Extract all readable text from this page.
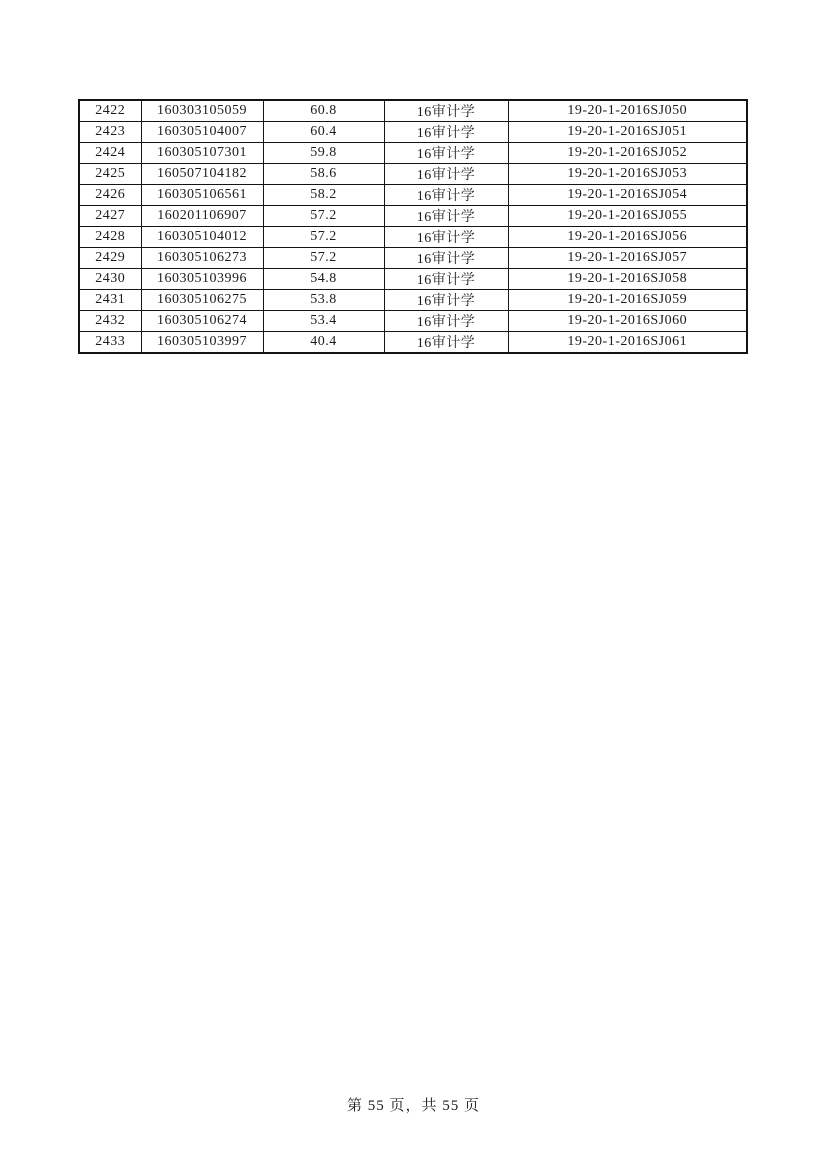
2422	160303105059	60.8	16审计学	19-20-1-2016SJ050
2423	160305104007	60.4	16审计学	19-20-1-2016SJ051
2424	160305107301	59.8	16审计学	19-20-1-2016SJ052
2425	160507104182	58.6	16审计学	19-20-1-2016SJ053
2426	160305106561	58.2	16审计学	19-20-1-2016SJ054
2427	160201106907	57.2	16审计学	19-20-1-2016SJ055
2428	160305104012	57.2	16审计学	19-20-1-2016SJ056
2429	160305106273	57.2	16审计学	19-20-1-2016SJ057
2430	160305103996	54.8	16审计学	19-20-1-2016SJ058
2431	160305106275	53.8	16审计学	19-20-1-2016SJ059
2432	160305106274	53.4	16审计学	19-20-1-2016SJ060
2433	160305103997	40.4	16审计学	19-20-1-2016SJ061
第 55 页，共 55 页
